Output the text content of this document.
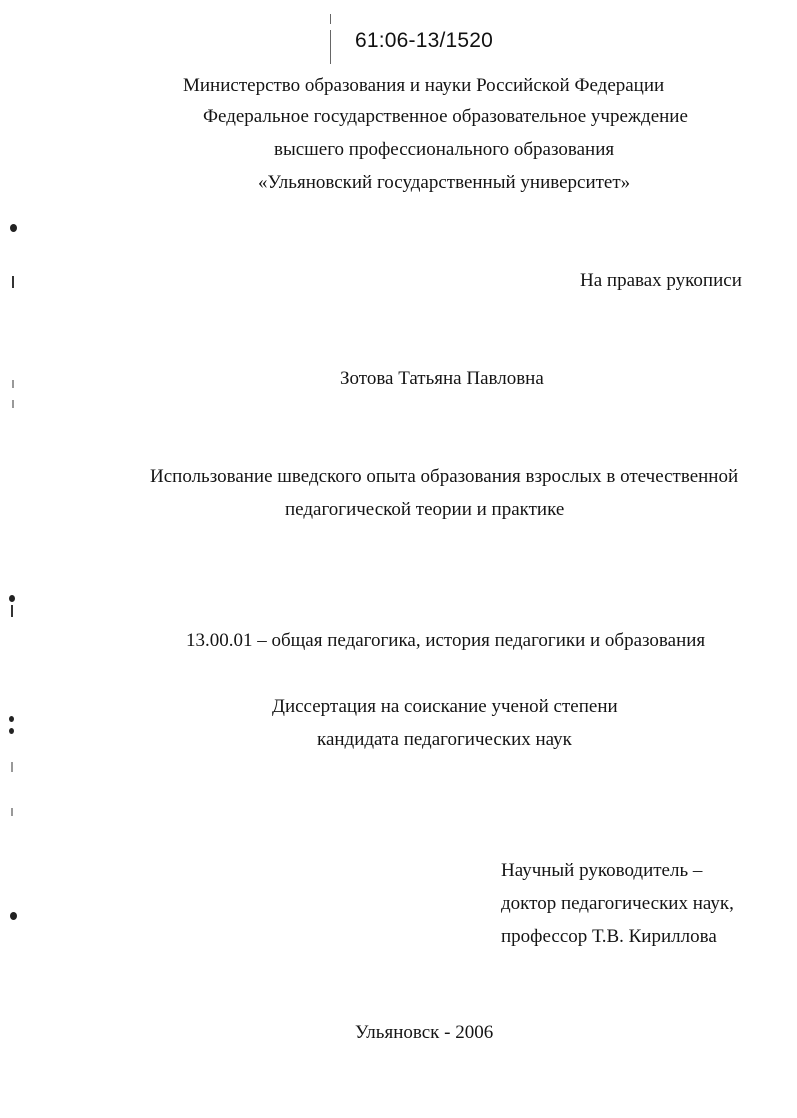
61:06-13/1520
Министерство образования и науки Российской Федерации
Федеральное государственное образовательное учреждение
высшего профессионального образования
«Ульяновский государственный университет»
На правах рукописи
Зотова Татьяна Павловна
Использование шведского опыта образования взрослых в отечественной
педагогической теории и практике
13.00.01 – общая педагогика, история педагогики и образования
Диссертация на соискание ученой степени
кандидата педагогических наук
Научный руководитель –
доктор педагогических наук,
профессор Т.В. Кириллова
Ульяновск - 2006
